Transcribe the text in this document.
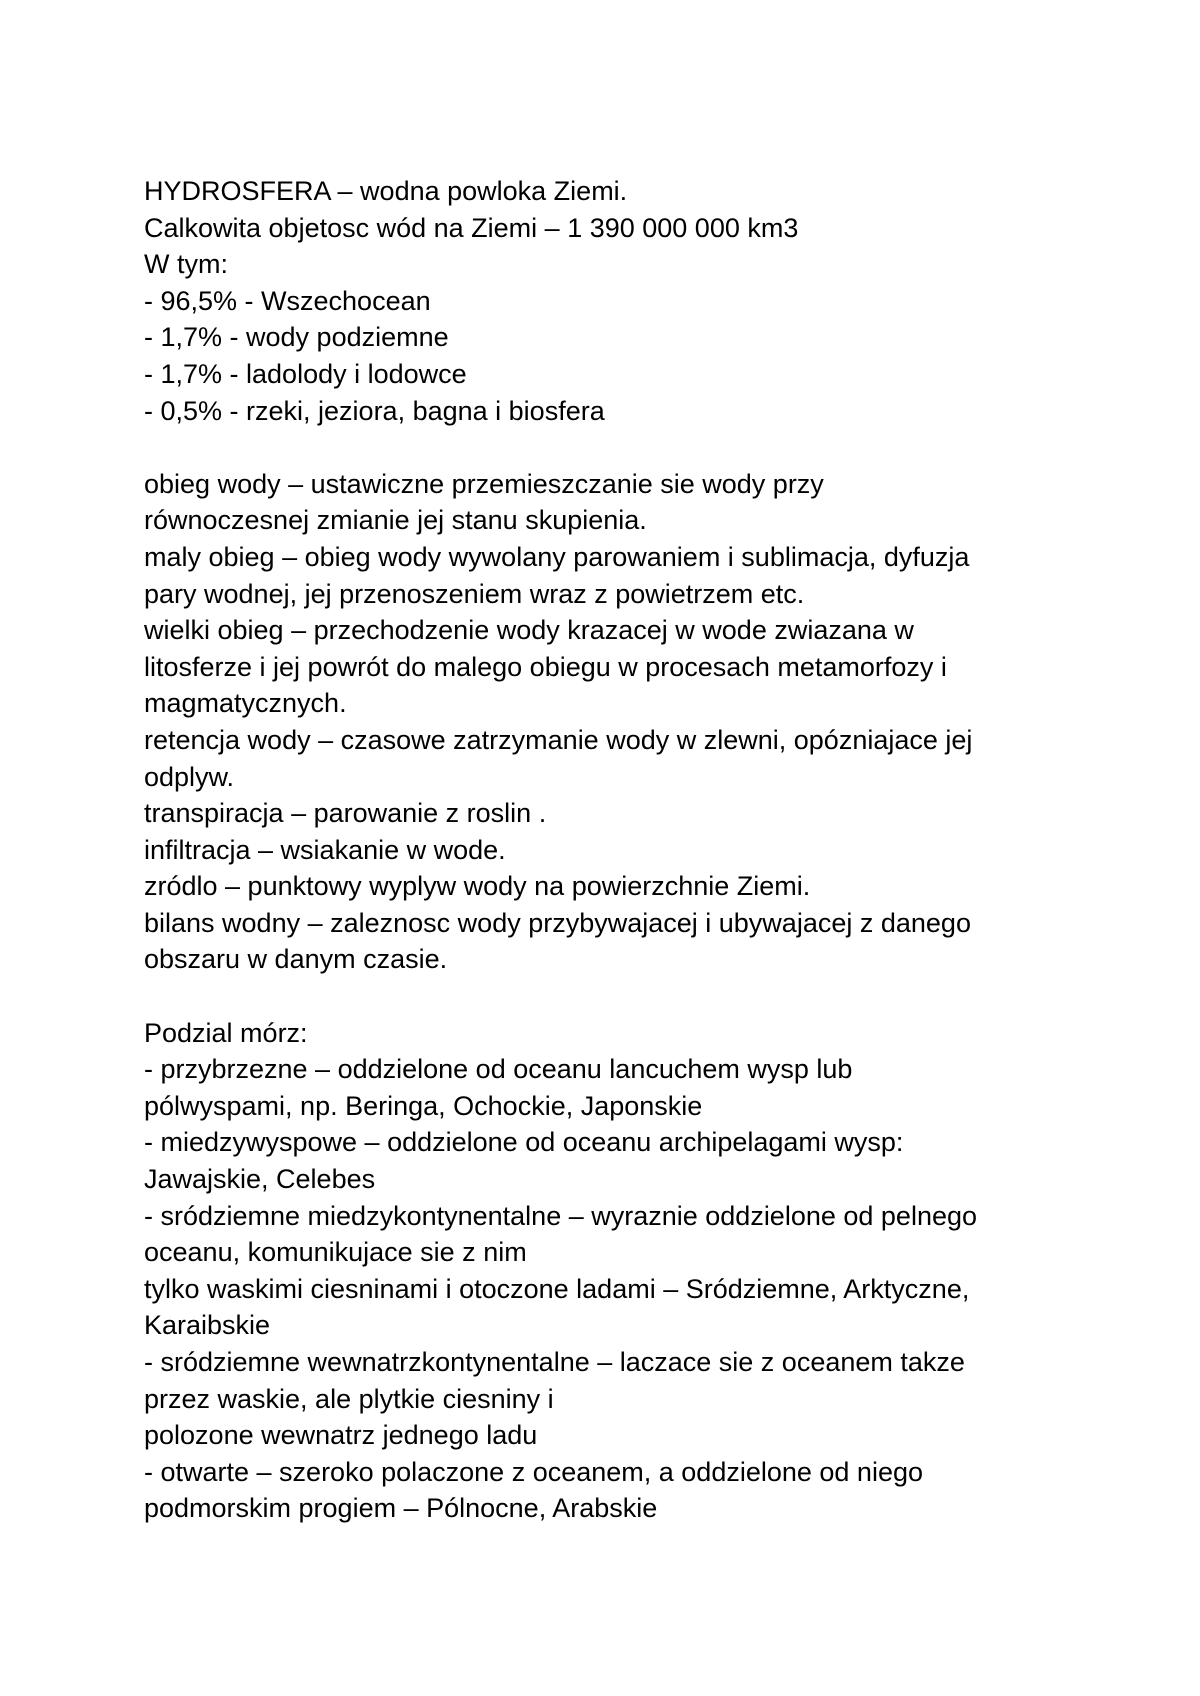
HYDROSFERA – wodna powloka Ziemi.
Calkowita objetosc wód na Ziemi – 1 390 000 000 km3
W tym:
- 96,5% - Wszechocean
- 1,7% - wody podziemne
- 1,7% - ladolody i lodowce
- 0,5% - rzeki, jeziora, bagna i biosfera
obieg wody – ustawiczne przemieszczanie sie wody przy
równoczesnej zmianie jej stanu skupienia.
maly obieg – obieg wody wywolany parowaniem i sublimacja, dyfuzja
pary wodnej, jej przenoszeniem wraz z powietrzem etc.
wielki obieg – przechodzenie wody krazacej w wode zwiazana w
litosferze i jej powrót do malego obiegu w procesach metamorfozy i
magmatycznych.
retencja wody – czasowe zatrzymanie wody w zlewni, opózniajace jej
odplyw.
transpiracja – parowanie z roslin .
infiltracja – wsiakanie w wode.
zródlo – punktowy wyplyw wody na powierzchnie Ziemi.
bilans wodny – zaleznosc wody przybywajacej i ubywajacej z danego
obszaru w danym czasie.
Podzial mórz:
- przybrzezne – oddzielone od oceanu lancuchem wysp lub
pólwyspami, np. Beringa, Ochockie, Japonskie
- miedzywyspowe – oddzielone od oceanu archipelagami wysp:
Jawajskie, Celebes
- sródziemne miedzykontynentalne – wyraznie oddzielone od pelnego
oceanu, komunikujace sie z nim
tylko waskimi ciesninami i otoczone ladami – Sródziemne, Arktyczne,
Karaibskie
- sródziemne wewnatrzkontynentalne – laczace sie z oceanem takze
przez waskie, ale plytkie ciesniny i
polozone wewnatrz jednego ladu
- otwarte – szeroko polaczone z oceanem, a oddzielone od niego
podmorskim progiem – Pólnocne, Arabskie
